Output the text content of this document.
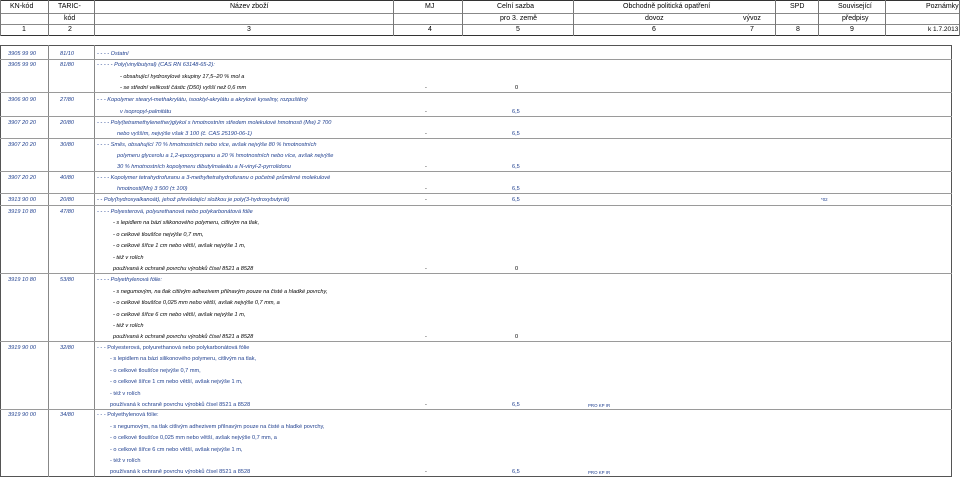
KN-kód	TARIC-	Název zboží	MJ	Celní sazba	Obchodně politická opatření	SPD	Související	Poznámky
kód	pro 3. země	dovoz	vývoz	předpisy
1	2	3	4	5	6	7	8	9	k 1.7.2013
3905 99 90	81/10	- - - - Ostatní
3905 99 90	81/80	- - - - - Poly(vinylbutyral) (CAS RN 63148-65-2):
- obsahující hydroxylové skupiny 17,5–20 % mol a
- se střední velikostí částic (D50) vyšší než 0,6 mm	-	0
3906 90 90	27/80	- - - Kopolymer stearyl-methakrylátu, isooktyl-akrylátu a akrylové kyseliny, rozpuštěný
v isopropyl-palmitátu	-	6,5
3907 20 20	20/80	- - - - Poly(tetramethylenether)glykol s hmotnostním středem molekulové hmotnosti (Mw) 2 700
nebo vyšším, nejvýše však 3 100 (č. CAS 25190-06-1)	-	6,5
3907 20 20	30/80	- - - - Směs, obsahující 70 % hmotnostních nebo více, avšak nejvýše 80 % hmotnostních
polymeru glycerolu a 1,2-epoxypropanu a 20 % hmotnostních nebo více, avšak nejvýše
30 % hmotnostních kopolymeru dibutylmaleátu a N-vinyl-2-pyrrolidonu	-	6,5
3907 20 20	40/80	- - - - Kopolymer tetrahydrofuranu a 3-methyltetrahydrofuranu o početně průměrné molekulové
hmotnosti(Mn) 3 500 (± 100)	-	6,5
3913 90 00	20/80	- - Poly(hydroxyalkanoát), jehož převládající složkou je poly(3-hydroxybutyrát)	-	6,5	*02
3919 10 80	47/80	- - - - Polyesterová, polyurethanová nebo polykarbonátová fólie
- s lepidlem na bázi silikonového polymeru, citlivým na tlak,
- o celkové tloušťce nejvýše 0,7 mm,
- o celkové šířce 1 cm nebo větší, avšak nejvýše 1 m,
- též v rolích
používaná k ochraně povrchu výrobků čísel 8521 a 8528	-	0
3919 10 80	53/80	- - - - Polyethylenová fólie:
- s negumovým, na tlak citlivým adhezivem přilnavým pouze na čisté a hladké povrchy,
- o celkové tloušťce 0,025 mm nebo větší, avšak nejvýše 0,7 mm, a
- o celkové šířce 6 cm nebo větší, avšak nejvýše 1 m,
- též v rolích
používaná k ochraně povrchu výrobků čísel 8521 a 8528	-	0
3919 90 00	32/80	- - - Polyesterová, polyurethanová nebo polykarbonátová fólie
- s lepidlem na bázi silikonového polymeru, citlivým na tlak,
- o celkové tloušťce nejvýše 0,7 mm,
- o celkové šířce 1 cm nebo větší, avšak nejvýše 1 m,
- též v rolích
používaná k ochraně povrchu výrobků čísel 8521 a 8528	-	6,5	PRO KP IR
3919 90 00	34/80	- - - Polyethylenová fólie:
- s negumovým, na tlak citlivým adhezivem přilnavým pouze na čisté a hladké povrchy,
- o celkové tloušťce 0,025 mm nebo větší, avšak nejvýše 0,7 mm, a
- o celkové šířce 6 cm nebo větší, avšak nejvýše 1 m,
- též v rolích
používaná k ochraně povrchu výrobků čísel 8521 a 8528	-	6,5	PRO KP IR
